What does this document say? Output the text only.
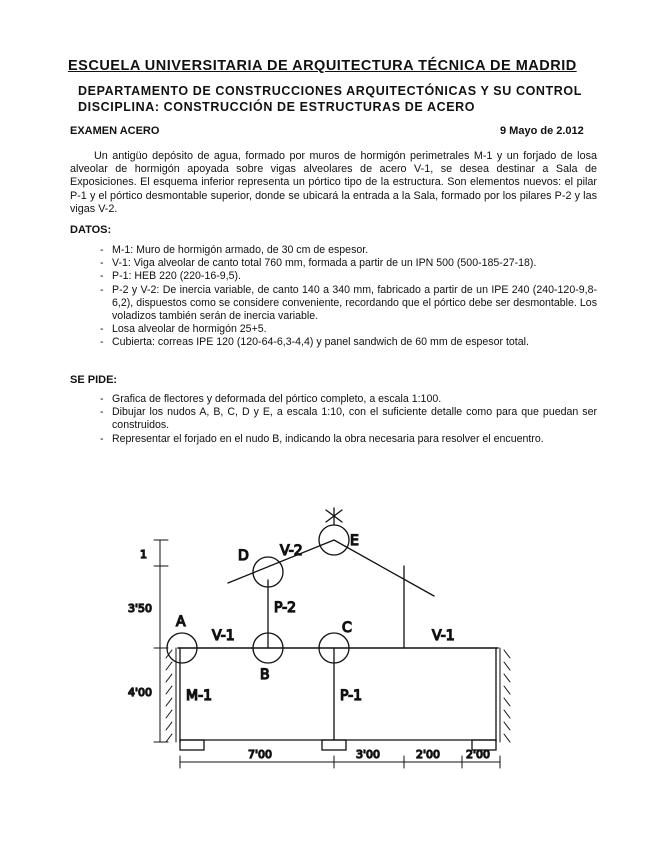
ESCUELA UNIVERSITARIA DE ARQUITECTURA TÉCNICA DE MADRID
DEPARTAMENTO DE CONSTRUCCIONES ARQUITECTÓNICAS Y SU CONTROL
DISCIPLINA: CONSTRUCCIÓN DE ESTRUCTURAS DE ACERO
EXAMEN ACERO	9 Mayo de 2.012
Un antigüo depósito de agua, formado por muros de hormigón perimetrales M-1 y un forjado de losa alveolar de hormigón apoyada sobre vigas alveolares de acero V-1, se desea destinar a Sala de Exposiciones. El esquema inferior representa un pórtico tipo de la estructura. Son elementos nuevos: el pilar P-1 y el pórtico desmontable superior, donde se ubicará la entrada a la Sala, formado por los pilares P-2 y las vigas V-2.
DATOS:
- M-1: Muro de hormigón armado, de 30 cm de espesor.
- V-1: Viga alveolar de canto total 760 mm, formada a partir de un IPN 500 (500-185-27-18).
- P-1: HEB 220 (220-16-9,5).
- P-2 y V-2: De inercia variable, de canto 140 a 340 mm, fabricado a partir de un IPE 240 (240-120-9,8-6,2), dispuestos como se considere conveniente, recordando que el pórtico debe ser desmontable. Los voladizos también serán de inercia variable.
- Losa alveolar de hormigón 25+5.
- Cubierta: correas IPE 120 (120-64-6,3-4,4) y panel sandwich de 60 mm de espesor total.
SE PIDE:
- Grafica de flectores y deformada del pórtico completo, a escala 1:100.
- Dibujar los nudos A, B, C, D y E, a escala 1:10, con el suficiente detalle como para que puedan ser construidos.
- Representar el forjado en el nudo B, indicando la obra necesaria para resolver el encuentro.
A
B
C
D
E
V-1	V-1
V-2
P-2
P-1
M-1
1
3'50
4'00
7'00	3'00	2'00 2'00
